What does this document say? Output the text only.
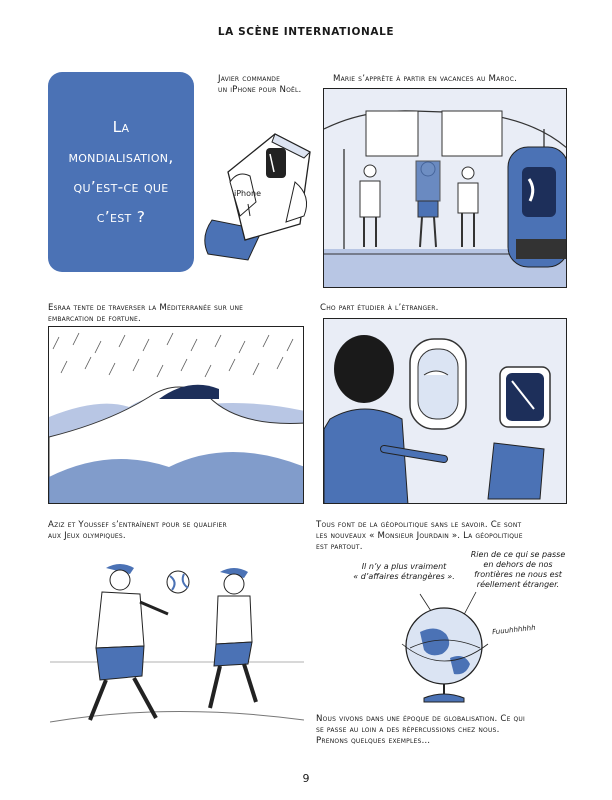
LA SCÈNE INTERNATIONALE
La
mondialisation,
qu’est-ce que
c’est ?
Javier commande
un iPhone pour Noël.
iPhone
Marie s’apprête à partir en vacances au Maroc.
Esraa tente de traverser la Méditerranée sur une
embarcation de fortune.
Cho part étudier à l’étranger.
Aziz et Youssef s’entraînent pour se qualifier
aux Jeux olympiques.
Tous font de la géopolitique sans le savoir. Ce sont
les nouveaux « Monsieur Jourdain ». La géopolitique
est partout.
Il n’y a plus vraiment
« d’affaires étrangères ».
Rien de ce qui se passe
en dehors de nos
frontières ne nous est
réellement étranger.
Fuuuhhhhhh
Nous vivons dans une époque de globalisation. Ce qui
se passe au loin a des répercussions chez nous.
Prenons quelques exemples…
9
